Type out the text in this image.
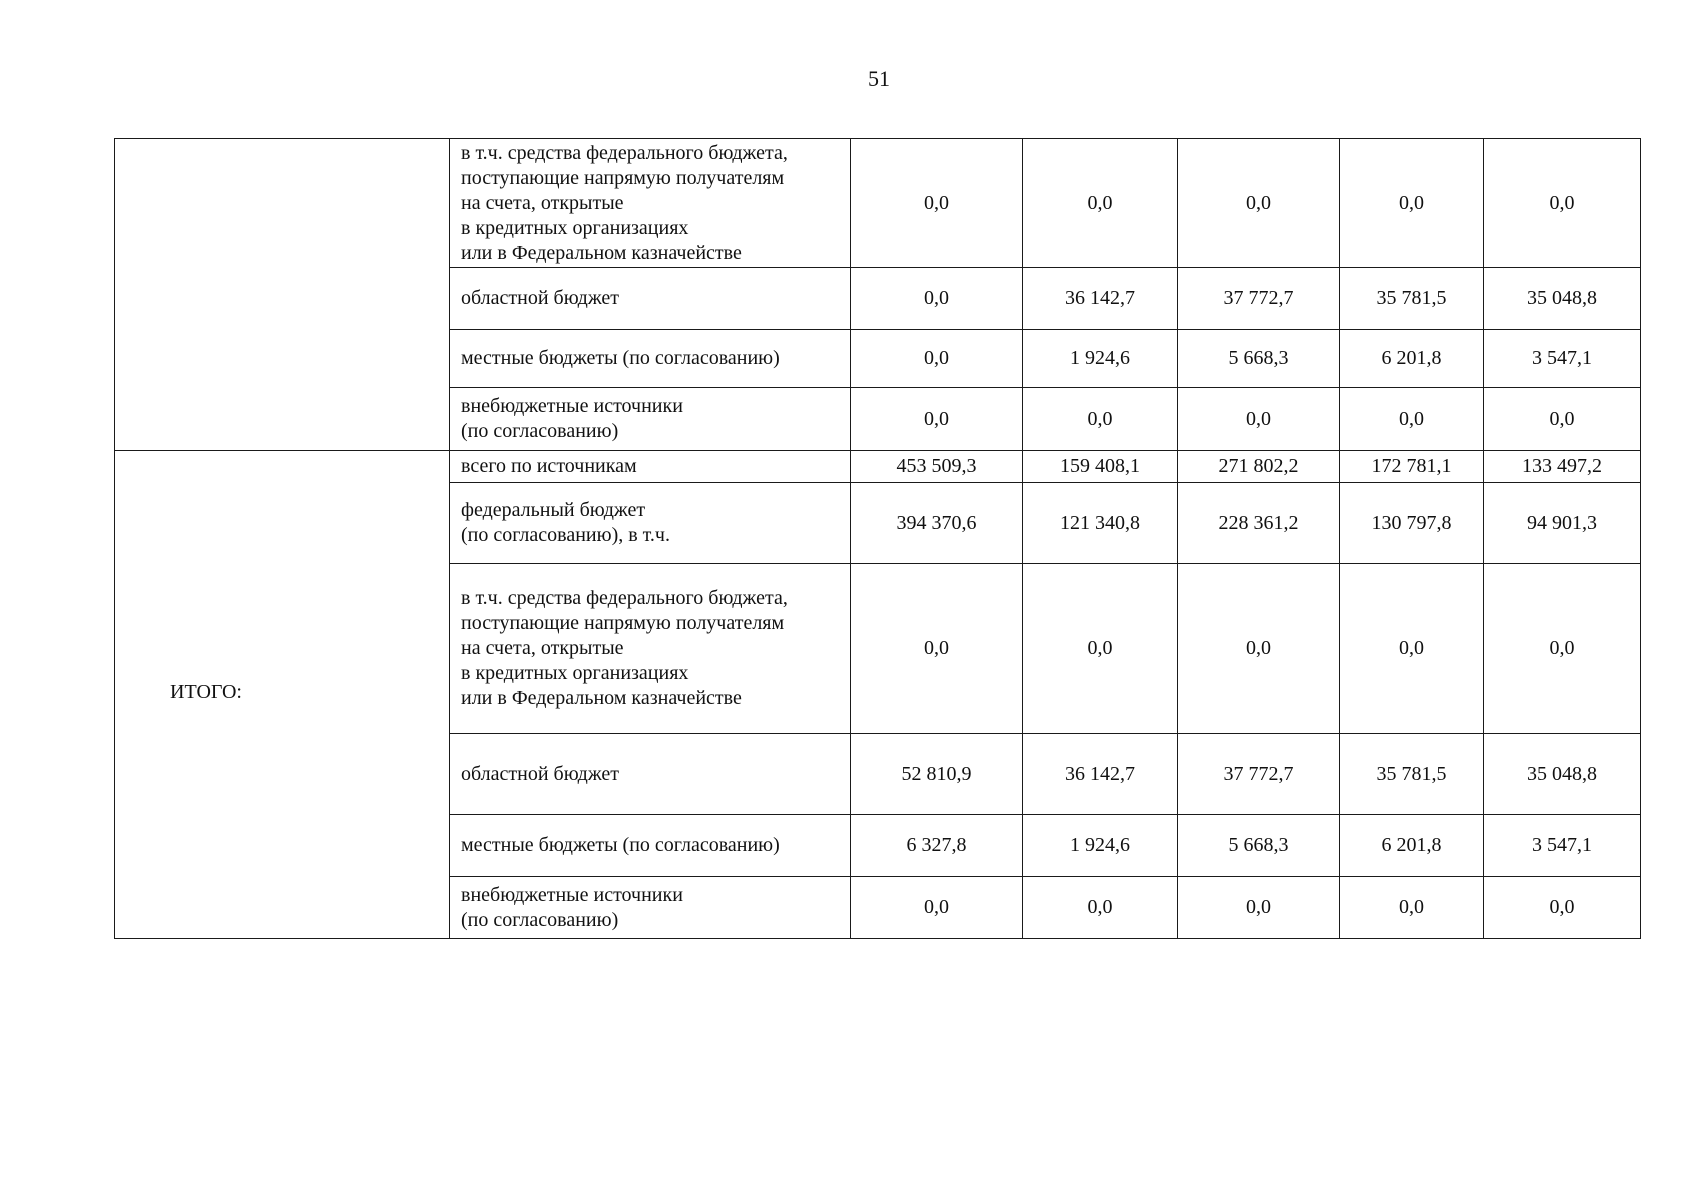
51
	в т.ч. средства федерального бюджета,
поступающие напрямую получателям
на счета, открытые
в кредитных организациях
или в Федеральном казначействе	0,0	0,0	0,0	0,0	0,0
	областной бюджет	0,0	36 142,7	37 772,7	35 781,5	35 048,8
	местные бюджеты (по согласованию)	0,0	1 924,6	5 668,3	6 201,8	3 547,1
	внебюджетные источники
(по согласованию)	0,0	0,0	0,0	0,0	0,0
ИТОГО:	всего по источникам	453 509,3	159 408,1	271 802,2	172 781,1	133 497,2
	федеральный бюджет
(по согласованию), в т.ч.	394 370,6	121 340,8	228 361,2	130 797,8	94 901,3
	в т.ч. средства федерального бюджета,
поступающие напрямую получателям
на счета, открытые
в кредитных организациях
или в Федеральном казначействе	0,0	0,0	0,0	0,0	0,0
	областной бюджет	52 810,9	36 142,7	37 772,7	35 781,5	35 048,8
	местные бюджеты (по согласованию)	6 327,8	1 924,6	5 668,3	6 201,8	3 547,1
	внебюджетные источники
(по согласованию)	0,0	0,0	0,0	0,0	0,0
